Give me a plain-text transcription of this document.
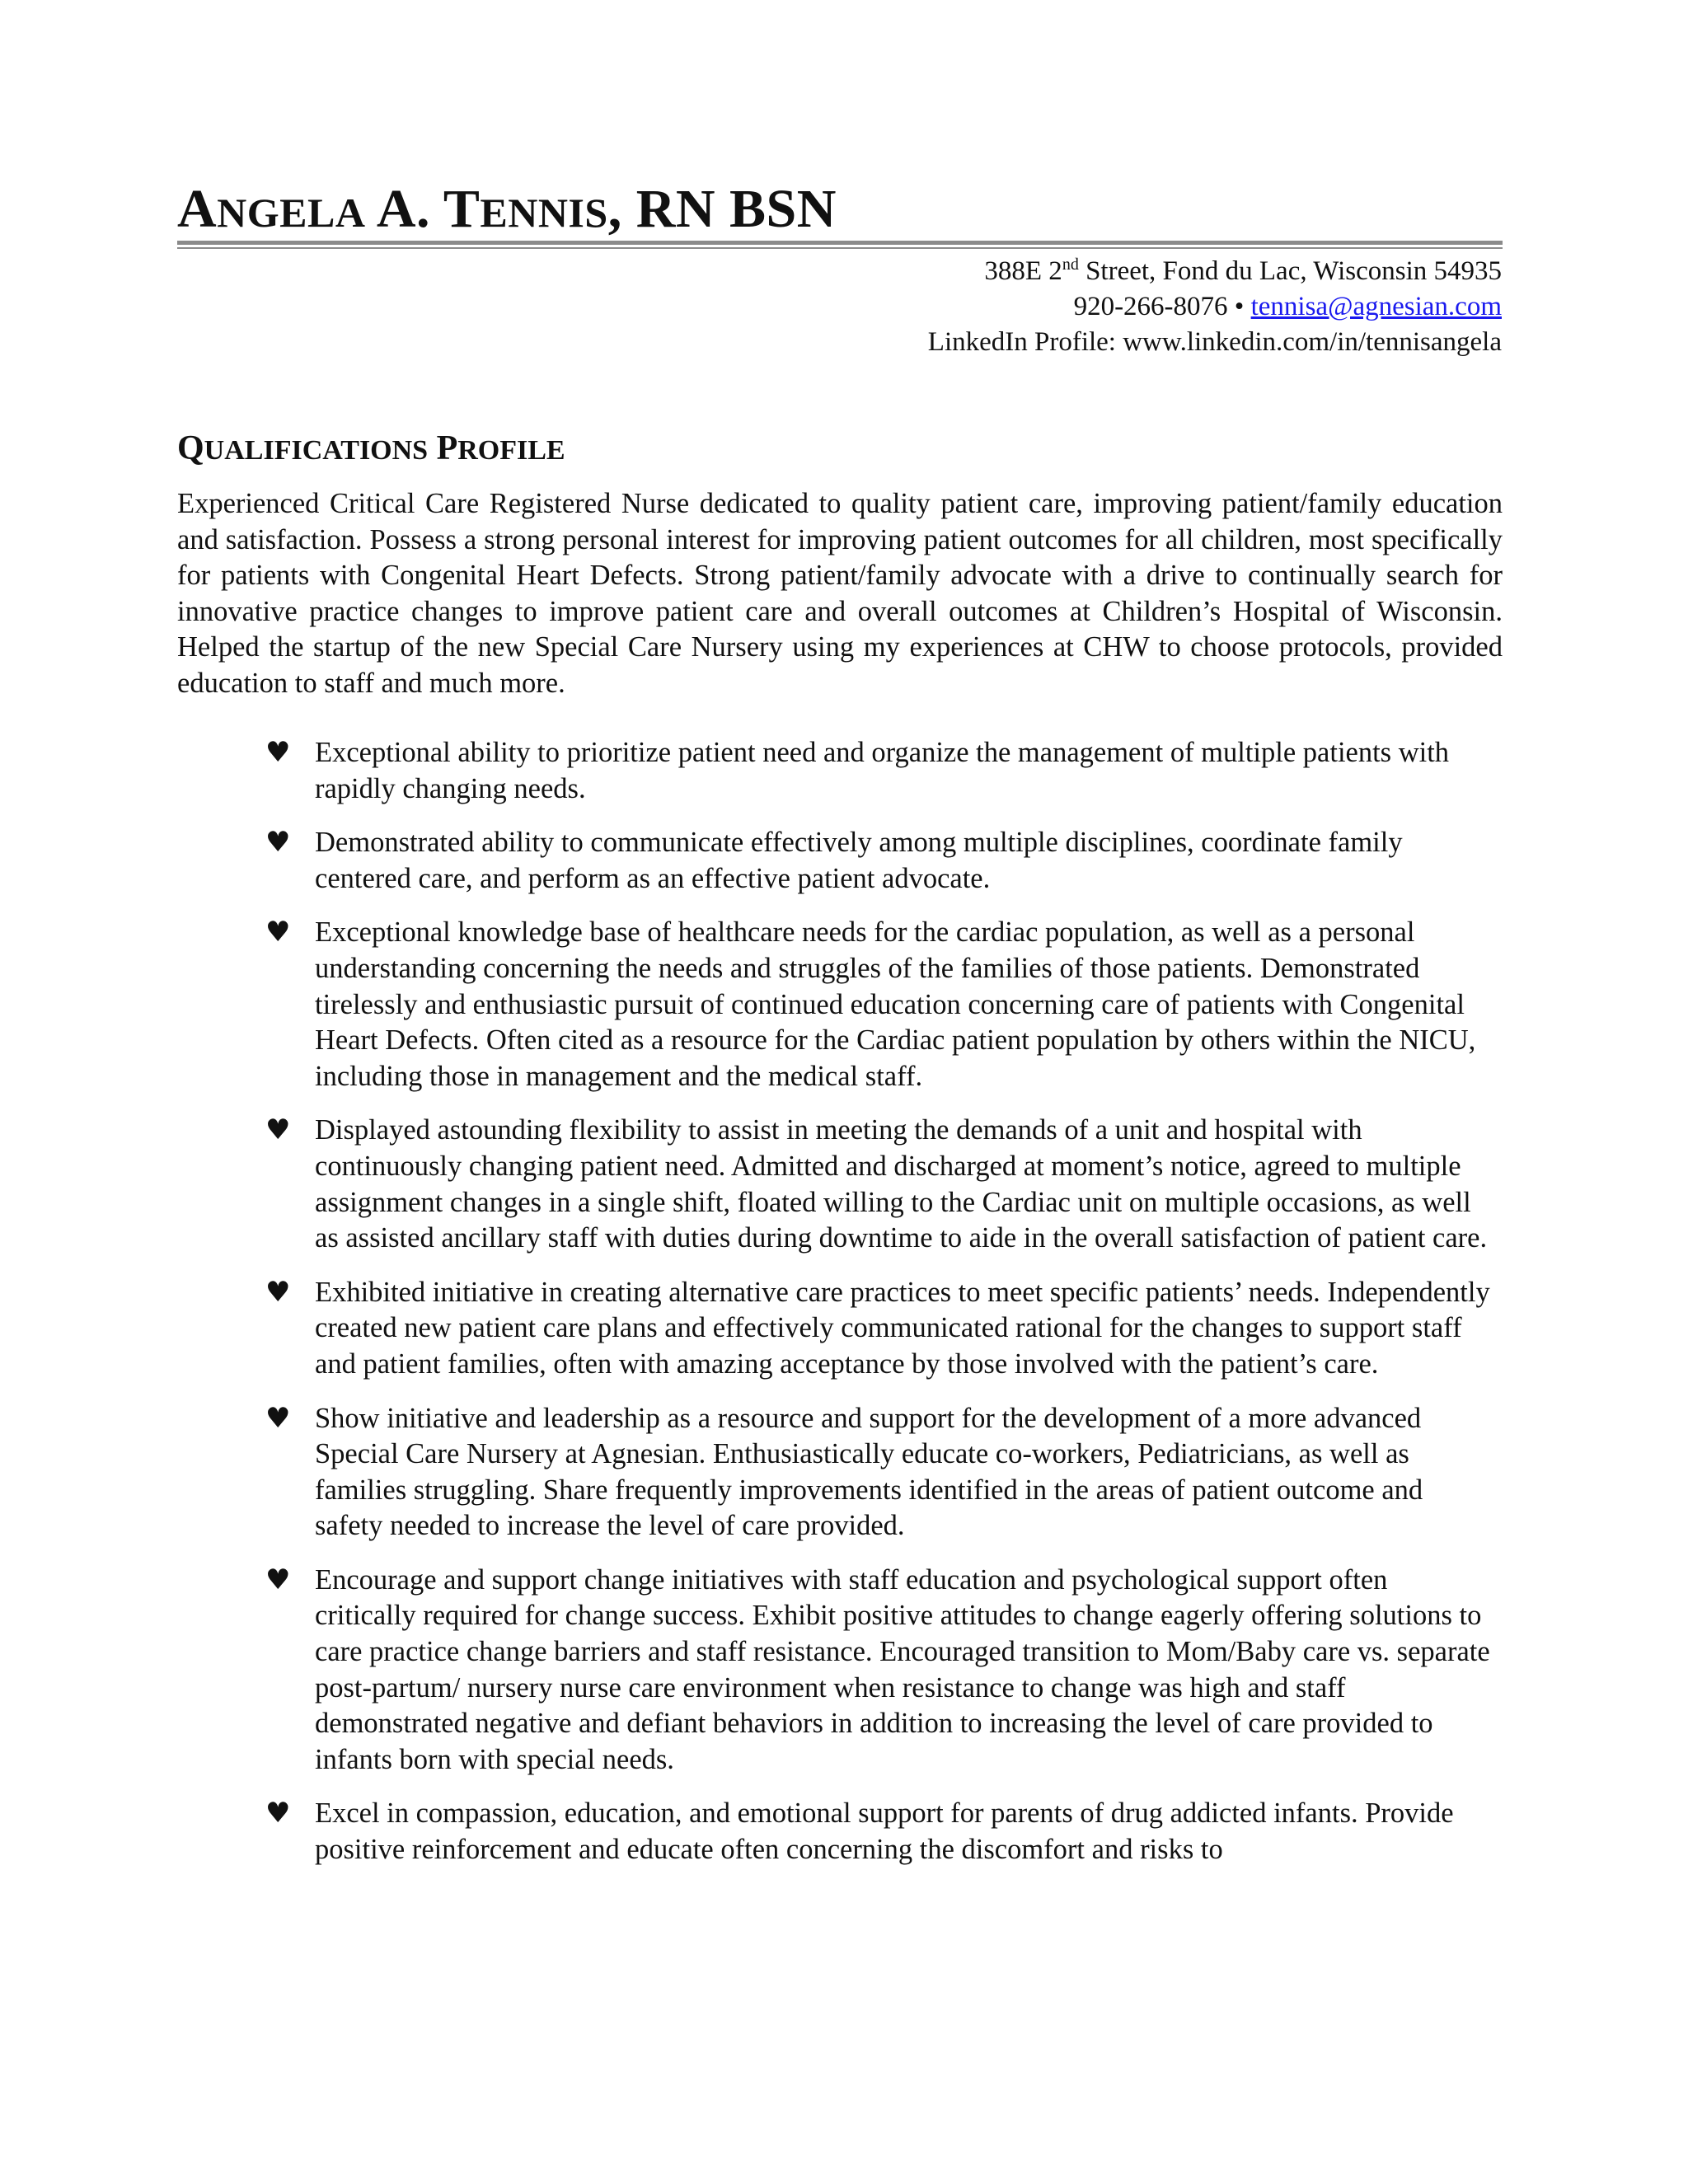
ANGELA A. TENNIS, RN BSN
388E 2nd Street, Fond du Lac, Wisconsin 54935
920-266-8076 • tennisa@agnesian.com
LinkedIn Profile: www.linkedin.com/in/tennisangela
QUALIFICATIONS PROFILE

Experienced Critical Care Registered Nurse dedicated to quality patient care, improving patient/family education and satisfaction. Possess a strong personal interest for improving patient outcomes for all children, most specifically for patients with Congenital Heart Defects. Strong patient/family advocate with a drive to continually search for innovative practice changes to improve patient care and overall outcomes at Children’s Hospital of Wisconsin. Helped the startup of the new Special Care Nursery using my experiences at CHW to choose protocols, provided education to staff and much more.

♥ Exceptional ability to prioritize patient need and organize the management of multiple patients with rapidly changing needs.
♥ Demonstrated ability to communicate effectively among multiple disciplines, coordinate family centered care, and perform as an effective patient advocate.
♥ Exceptional knowledge base of healthcare needs for the cardiac population, as well as a personal understanding concerning the needs and struggles of the families of those patients. Demonstrated tirelessly and enthusiastic pursuit of continued education concerning care of patients with Congenital Heart Defects. Often cited as a resource for the Cardiac patient population by others within the NICU, including those in management and the medical staff.
♥ Displayed astounding flexibility to assist in meeting the demands of a unit and hospital with continuously changing patient need. Admitted and discharged at moment’s notice, agreed to multiple assignment changes in a single shift, floated willing to the Cardiac unit on multiple occasions, as well as assisted ancillary staff with duties during downtime to aide in the overall satisfaction of patient care.
♥ Exhibited initiative in creating alternative care practices to meet specific patients’ needs. Independently created new patient care plans and effectively communicated rational for the changes to support staff and patient families, often with amazing acceptance by those involved with the patient’s care.
♥ Show initiative and leadership as a resource and support for the development of a more advanced Special Care Nursery at Agnesian. Enthusiastically educate co-workers, Pediatricians, as well as families struggling. Share frequently improvements identified in the areas of patient outcome and safety needed to increase the level of care provided.
♥ Encourage and support change initiatives with staff education and psychological support often critically required for change success. Exhibit positive attitudes to change eagerly offering solutions to care practice change barriers and staff resistance. Encouraged transition to Mom/Baby care vs. separate post-partum/ nursery nurse care environment when resistance to change was high and staff demonstrated negative and defiant behaviors in addition to increasing the level of care provided to infants born with special needs.
♥ Excel in compassion, education, and emotional support for parents of drug addicted infants. Provide positive reinforcement and educate often concerning the discomfort and risks to
